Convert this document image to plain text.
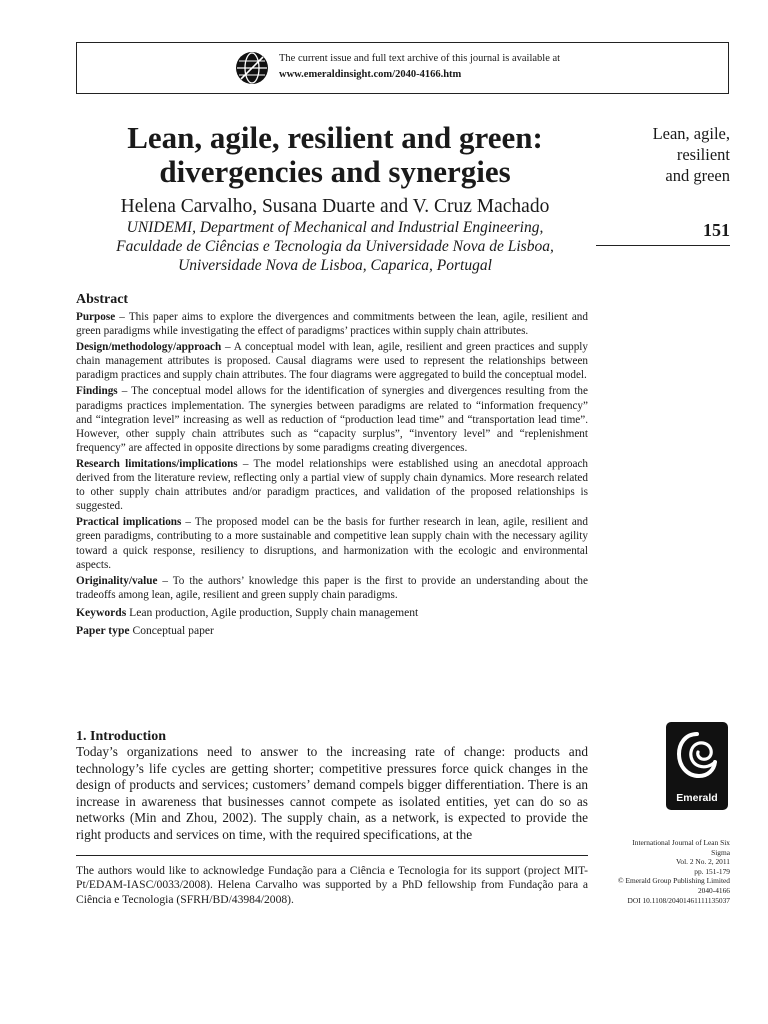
The current issue and full text archive of this journal is available at
www.emeraldinsight.com/2040-4166.htm
Lean, agile, resilient and green:
divergencies and synergies
Helena Carvalho, Susana Duarte and V. Cruz Machado
UNIDEMI, Department of Mechanical and Industrial Engineering,
Faculdade de Ciências e Tecnologia da Universidade Nova de Lisboa,
Universidade Nova de Lisboa, Caparica, Portugal
Lean, agile,
resilient
and green
151
Abstract

Purpose – This paper aims to explore the divergences and commitments between the lean, agile, resilient and green paradigms while investigating the effect of paradigms’ practices within supply chain attributes.

Design/methodology/approach – A conceptual model with lean, agile, resilient and green practices and supply chain management attributes is proposed. Causal diagrams were used to represent the relationships between paradigm practices and supply chain attributes. The four diagrams were aggregated to build the conceptual model.

Findings – The conceptual model allows for the identification of synergies and divergences resulting from the paradigms practices implementation. The synergies between paradigms are related to “information frequency” and “integration level” increasing as well as reduction of “production lead time” and “transportation lead time”. However, other supply chain attributes such as “capacity surplus”, “inventory level” and “replenishment frequency” are affected in opposite directions by some paradigms creating divergences.

Research limitations/implications – The model relationships were established using an anecdotal approach derived from the literature review, reflecting only a partial view of supply chain dynamics. More research related to other supply chain attributes and/or paradigm practices, and validation of the proposed relationships is suggested.

Practical implications – The proposed model can be the basis for further research in lean, agile, resilient and green paradigms, contributing to a more sustainable and competitive lean supply chain with the necessary agility toward a quick response, resiliency to disruptions, and harmonization with the ecologic and environmental aspects.

Originality/value – To the authors’ knowledge this paper is the first to provide an understanding about the tradeoffs among lean, agile, resilient and green supply chain paradigms.

Keywords Lean production, Agile production, Supply chain management

Paper type Conceptual paper

1. Introduction

Today’s organizations need to answer to the increasing rate of change: products and technology’s life cycles are getting shorter; competitive pressures force quick changes in the design of products and services; customers’ demand compels bigger differentiation. There is an increase in awareness that businesses cannot compete as isolated entities, yet can do so as networks (Min and Zhou, 2002). The supply chain, as a network, is expected to provide the right products and services on time, with the required specifications, at the

The authors would like to acknowledge Fundação para a Ciência e Tecnologia for its support (project MIT-Pt/EDAM-IASC/0033/2008). Helena Carvalho was supported by a PhD fellowship from Fundação para a Ciência e Tecnologia (SFRH/BD/43984/2008).

Emerald
International Journal of Lean Six
Sigma
Vol. 2 No. 2, 2011
pp. 151-179
© Emerald Group Publishing Limited
2040-4166
DOI 10.1108/20401461111135037
